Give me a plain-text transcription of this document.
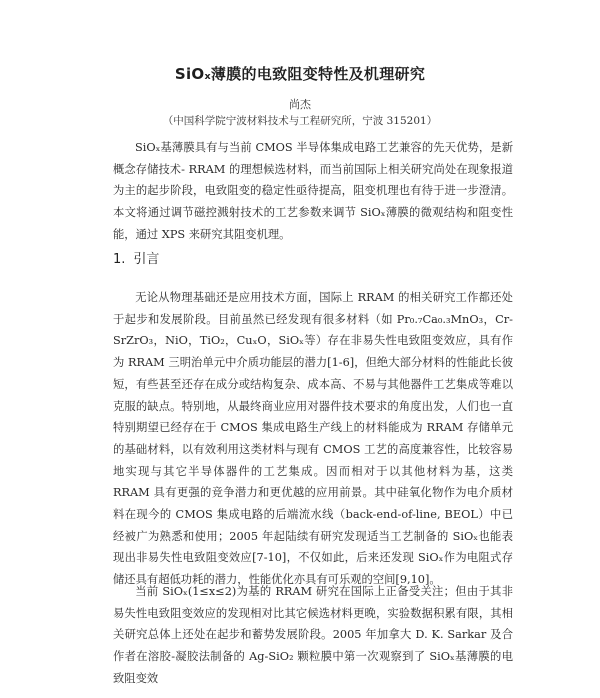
SiOₓ薄膜的电致阻变特性及机理研究
尚杰
（中国科学院宁波材料技术与工程研究所，宁波 315201）

SiOₓ基薄膜具有与当前 CMOS 半导体集成电路工艺兼容的先天优势，是新概念存储技术- RRAM 的理想候选材料，而当前国际上相关研究尚处在现象报道为主的起步阶段，电致阻变的稳定性亟待提高，阻变机理也有待于进一步澄清。本文将通过调节磁控溅射技术的工艺参数来调节 SiOₓ薄膜的微观结构和阻变性能，通过 XPS 来研究其阻变机理。

1. 引言

无论从物理基础还是应用技术方面，国际上 RRAM 的相关研究工作都还处于起步和发展阶段。目前虽然已经发现有很多材料（如 Pr₀.₇Ca₀.₃MnO₃，Cr-SrZrO₃，NiO，TiO₂，CuₓO，SiOₓ等）存在非易失性电致阻变效应，具有作为 RRAM 三明治单元中介质功能层的潜力[1-6]，但绝大部分材料的性能此长彼短，有些甚至还存在成分或结构复杂、成本高、不易与其他器件工艺集成等难以克服的缺点。特别地，从最终商业应用对器件技术要求的角度出发，人们也一直特别期望已经存在于 CMOS 集成电路生产线上的材料能成为 RRAM 存储单元的基础材料，以有效利用这类材料与现有 CMOS 工艺的高度兼容性，比较容易地实现与其它半导体器件的工艺集成。因而相对于以其他材料为基，这类 RRAM 具有更强的竞争潜力和更优越的应用前景。其中硅氧化物作为电介质材料在现今的 CMOS 集成电路的后端流水线（back-end-of-line, BEOL）中已经被广为熟悉和使用；2005 年起陆续有研究发现适当工艺制备的 SiOₓ也能表现出非易失性电致阻变效应[7-10]，不仅如此，后来还发现 SiOₓ作为电阻式存储还具有超低功耗的潜力，性能优化亦具有可乐观的空间[9,10]。

当前 SiOₓ(1≤x≤2)为基的 RRAM 研究在国际上正备受关注；但由于其非易失性电致阻变效应的发现相对比其它候选材料更晚，实验数据积累有限，其相关研究总体上还处在起步和蓄势发展阶段。2005 年加拿大 D. K. Sarkar 及合作者在溶胶-凝胶法制备的 Ag-SiO₂ 颗粒膜中第一次观察到了 SiOₓ基薄膜的电致阻变效
